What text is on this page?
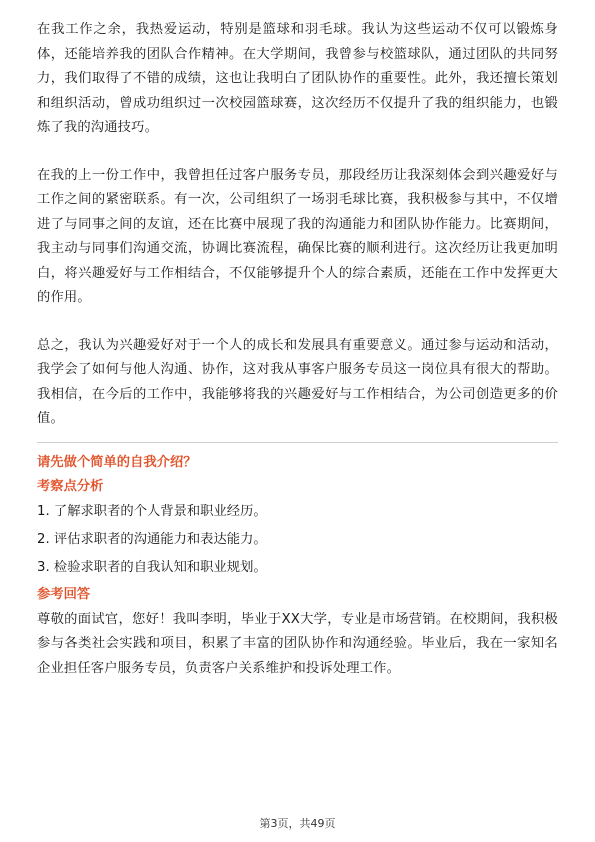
在我工作之余，我热爱运动，特别是篮球和羽毛球。我认为这些运动不仅可以锻炼身体，还能培养我的团队合作精神。在大学期间，我曾参与校篮球队，通过团队的共同努力，我们取得了不错的成绩，这也让我明白了团队协作的重要性。此外，我还擅长策划和组织活动，曾成功组织过一次校园篮球赛，这次经历不仅提升了我的组织能力，也锻炼了我的沟通技巧。

在我的上一份工作中，我曾担任过客户服务专员，那段经历让我深刻体会到兴趣爱好与工作之间的紧密联系。有一次，公司组织了一场羽毛球比赛，我积极参与其中，不仅增进了与同事之间的友谊，还在比赛中展现了我的沟通能力和团队协作能力。比赛期间，我主动与同事们沟通交流，协调比赛流程，确保比赛的顺利进行。这次经历让我更加明白，将兴趣爱好与工作相结合，不仅能够提升个人的综合素质，还能在工作中发挥更大的作用。

总之，我认为兴趣爱好对于一个人的成长和发展具有重要意义。通过参与运动和活动，我学会了如何与他人沟通、协作，这对我从事客户服务专员这一岗位具有很大的帮助。我相信，在今后的工作中，我能够将我的兴趣爱好与工作相结合，为公司创造更多的价值。

请先做个简单的自我介绍？

考察点分析

1. 了解求职者的个人背景和职业经历。
2. 评估求职者的沟通能力和表达能力。
3. 检验求职者的自我认知和职业规划。

参考回答

尊敬的面试官，您好！我叫李明，毕业于XX大学，专业是市场营销。在校期间，我积极参与各类社会实践和项目，积累了丰富的团队协作和沟通经验。毕业后，我在一家知名企业担任客户服务专员，负责客户关系维护和投诉处理工作。

第3页，共49页
